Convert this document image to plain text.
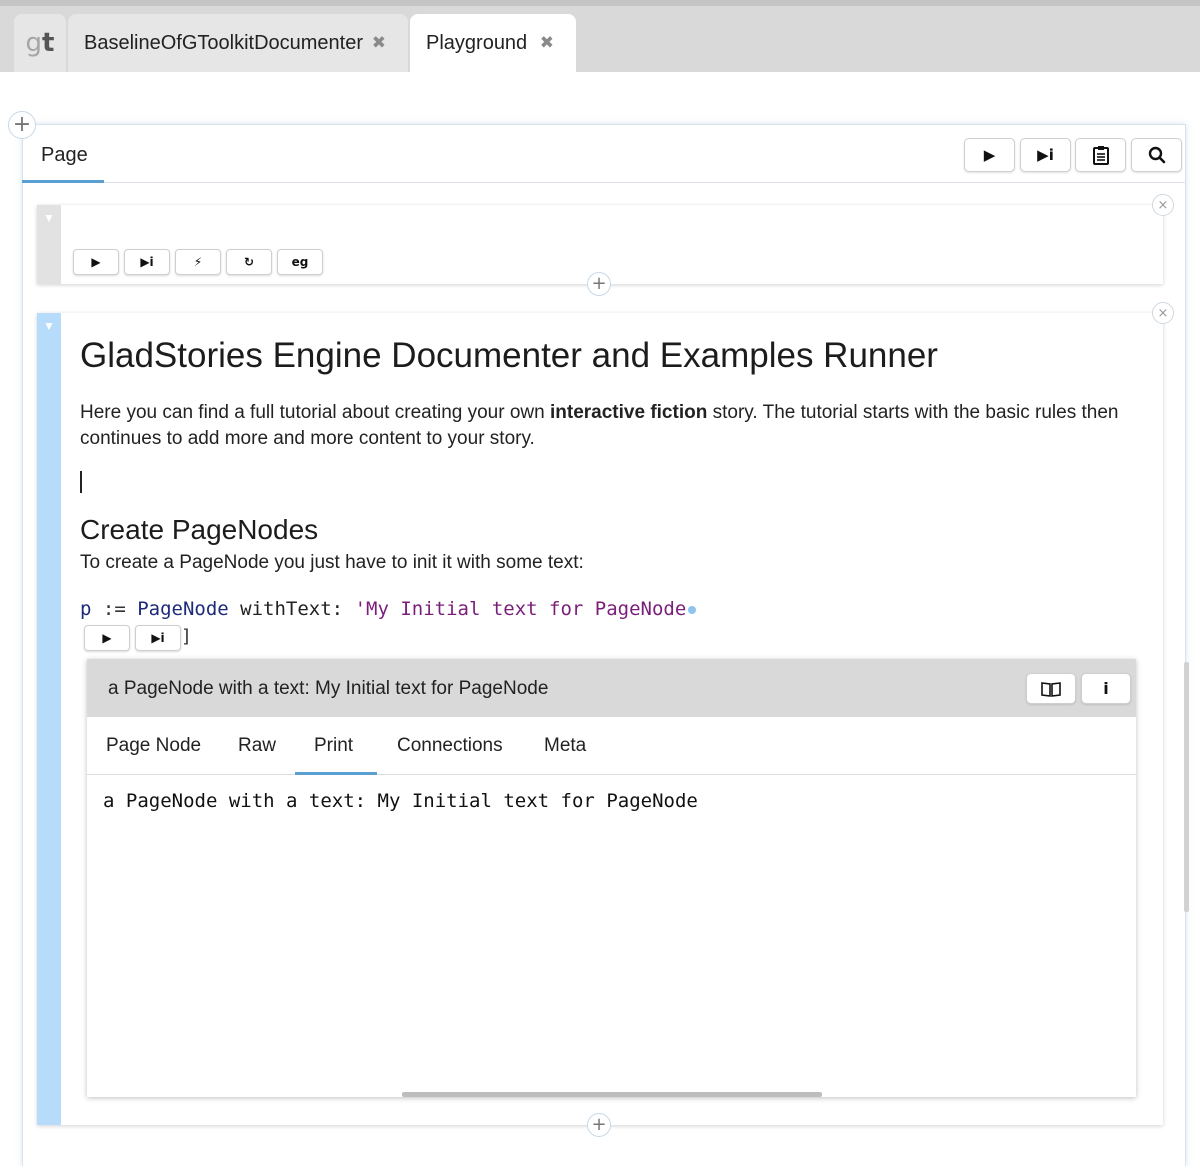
g t BaselineOfGToolkitDocumenter ✖ Playground ✖
+
Page	▶	▶i
▼
▶	▶i	⚡	↻	eg
×
+
▼
×
GladStories Engine Documenter and Examples Runner
Here you can find a full tutorial about creating your own interactive fiction story. The tutorial starts with the basic rules then continues to add more and more content to your story.
Create PageNodes
To create a PageNode you just have to init it with some text:
p := PageNode withText: 'My Initial text for PageNode
▶	▶i ]
a PageNode with a text: My Initial text for PageNode	i
Page Node Raw Print Connections Meta
a PageNode with a text: My Initial text for PageNode
+
